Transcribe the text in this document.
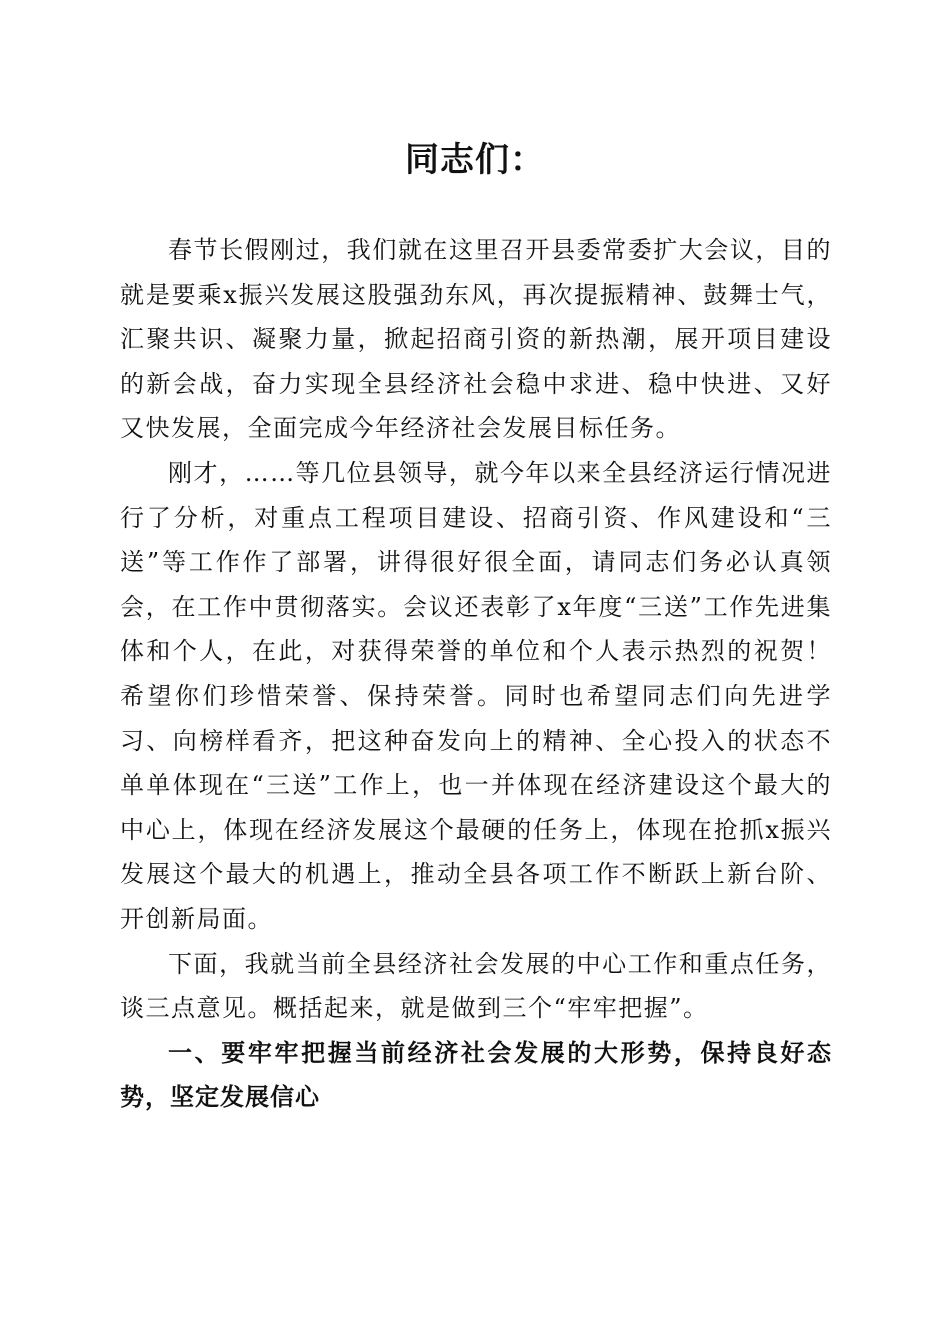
同志们：

春节长假刚过，我们就在这里召开县委常委扩大会议，目的就是要乘x振兴发展这股强劲东风，再次提振精神、鼓舞士气，汇聚共识、凝聚力量，掀起招商引资的新热潮，展开项目建设的新会战，奋力实现全县经济社会稳中求进、稳中快进、又好又快发展，全面完成今年经济社会发展目标任务。

刚才，……等几位县领导，就今年以来全县经济运行情况进行了分析，对重点工程项目建设、招商引资、作风建设和“三送”等工作作了部署，讲得很好很全面，请同志们务必认真领会，在工作中贯彻落实。会议还表彰了x年度“三送”工作先进集体和个人，在此，对获得荣誉的单位和个人表示热烈的祝贺！希望你们珍惜荣誉、保持荣誉。同时也希望同志们向先进学习、向榜样看齐，把这种奋发向上的精神、全心投入的状态不单单体现在“三送”工作上，也一并体现在经济建设这个最大的中心上，体现在经济发展这个最硬的任务上，体现在抢抓x振兴发展这个最大的机遇上，推动全县各项工作不断跃上新台阶、开创新局面。

下面，我就当前全县经济社会发展的中心工作和重点任务，谈三点意见。概括起来，就是做到三个“牢牢把握”。

一、要牢牢把握当前经济社会发展的大形势，保持良好态势，坚定发展信心
